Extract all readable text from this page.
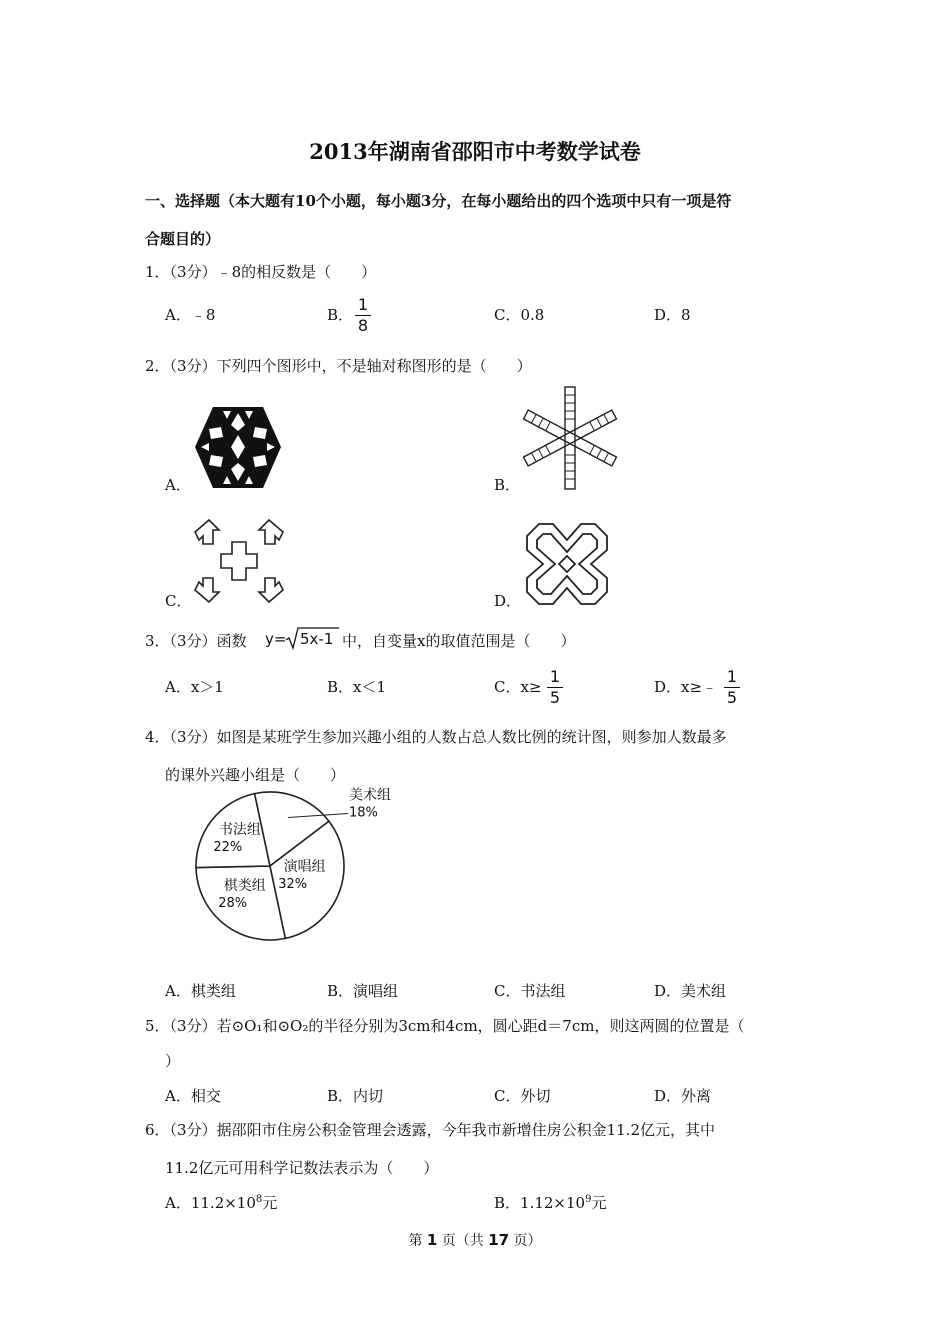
2013年湖南省邵阳市中考数学试卷
一、选择题（本大题有10个小题，每小题3分，在每小题给出的四个选项中只有一项是符
合题目的）
1．（3分）﹣8的相反数是（　　）
A．﹣8	B．
1
8
C．0.8	D．8
2．（3分）下列四个图形中，不是轴对称图形的是（　　）
A．	B．
C．	D．
3．（3分）函数 y= 5x-1 中，自变量x的取值范围是（　　）
A．x＞1	B．x＜1	C．x≥
1
5
D．x≥﹣
1
5
4．（3分）如图是某班学生参加兴趣小组的人数占总人数比例的统计图，则参加人数最多
的课外兴趣小组是（　　）
棋类组
28%
书法组
22%
美术组
18%
演唱组
32%
A．棋类组	B．演唱组	C．书法组	D．美术组
5．（3分）若⊙O₁和⊙O₂的半径分别为3cm和4cm，圆心距d＝7cm，则这两圆的位置是（
）
A．相交	B．内切	C．外切	D．外离
6．（3分）据邵阳市住房公积金管理会透露，今年我市新增住房公积金11.2亿元，其中
11.2亿元可用科学记数法表示为（　　）
A．$11.2\times 10^8$元	B．$1.12\times 10^9$元
第 1 页（共 17 页）
